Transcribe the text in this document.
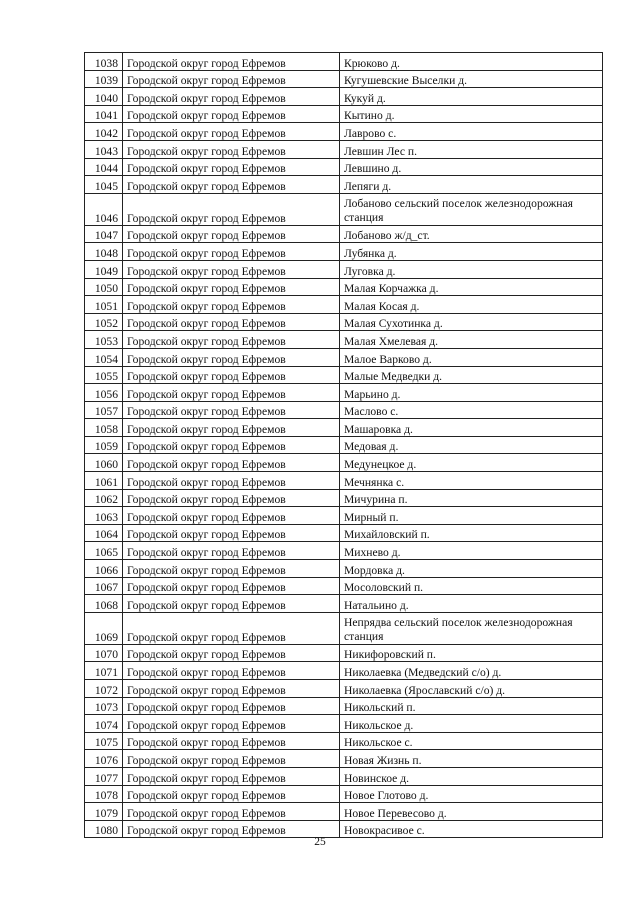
1038	Городской округ город Ефремов	Крюково д.
1039	Городской округ город Ефремов	Кугушевские Выселки д.
1040	Городской округ город Ефремов	Кукуй д.
1041	Городской округ город Ефремов	Кытино д.
1042	Городской округ город Ефремов	Лаврово с.
1043	Городской округ город Ефремов	Левшин Лес п.
1044	Городской округ город Ефремов	Левшино д.
1045	Городской округ город Ефремов	Лепяги д.
1046	Городской округ город Ефремов	Лобаново сельский поселок железнодорожная станция
1047	Городской округ город Ефремов	Лобаново ж/д_ст.
1048	Городской округ город Ефремов	Лубянка д.
1049	Городской округ город Ефремов	Луговка д.
1050	Городской округ город Ефремов	Малая Корчажка д.
1051	Городской округ город Ефремов	Малая Косая д.
1052	Городской округ город Ефремов	Малая Сухотинка д.
1053	Городской округ город Ефремов	Малая Хмелевая д.
1054	Городской округ город Ефремов	Малое Варково д.
1055	Городской округ город Ефремов	Малые Медведки д.
1056	Городской округ город Ефремов	Марьино д.
1057	Городской округ город Ефремов	Маслово с.
1058	Городской округ город Ефремов	Машаровка д.
1059	Городской округ город Ефремов	Медовая д.
1060	Городской округ город Ефремов	Медунецкое д.
1061	Городской округ город Ефремов	Мечнянка с.
1062	Городской округ город Ефремов	Мичурина п.
1063	Городской округ город Ефремов	Мирный п.
1064	Городской округ город Ефремов	Михайловский п.
1065	Городской округ город Ефремов	Михнево д.
1066	Городской округ город Ефремов	Мордовка д.
1067	Городской округ город Ефремов	Мосоловский п.
1068	Городской округ город Ефремов	Натальино д.
1069	Городской округ город Ефремов	Непрядва сельский поселок железнодорожная станция
1070	Городской округ город Ефремов	Никифоровский п.
1071	Городской округ город Ефремов	Николаевка (Медведский с/о) д.
1072	Городской округ город Ефремов	Николаевка (Ярославский с/о) д.
1073	Городской округ город Ефремов	Никольский п.
1074	Городской округ город Ефремов	Никольское д.
1075	Городской округ город Ефремов	Никольское с.
1076	Городской округ город Ефремов	Новая Жизнь п.
1077	Городской округ город Ефремов	Новинское д.
1078	Городской округ город Ефремов	Новое Глотово д.
1079	Городской округ город Ефремов	Новое Перевесово д.
1080	Городской округ город Ефремов	Новокрасивое с.
25
